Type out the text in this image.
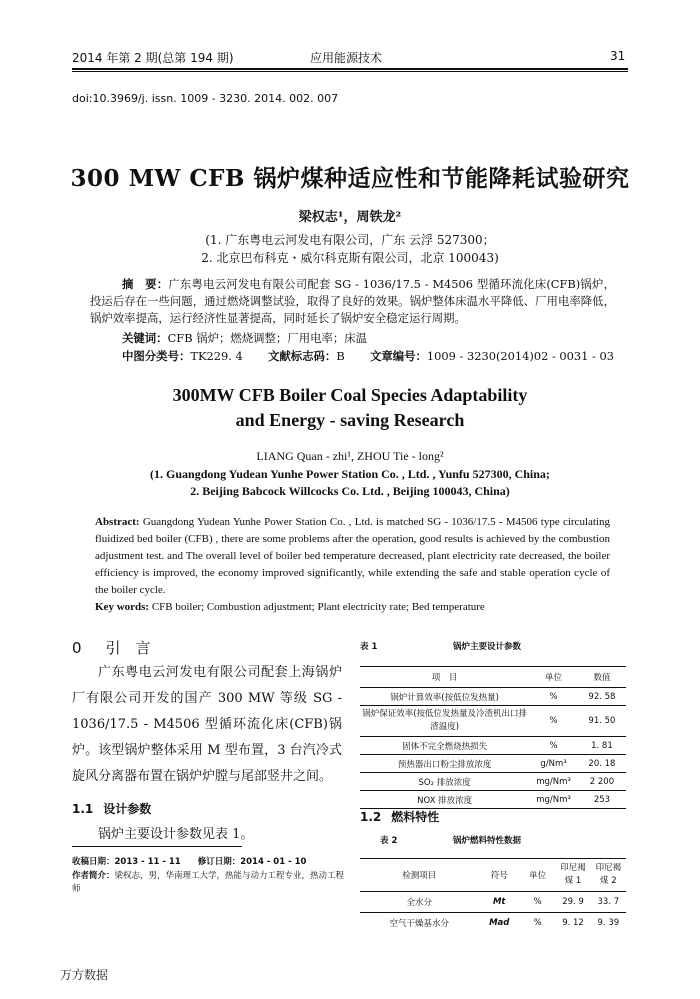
2014 年第 2 期(总第 194 期)	应用能源技术	31
doi:10.3969/j. issn. 1009 - 3230. 2014. 002. 007
300 MW CFB 锅炉煤种适应性和节能降耗试验研究
梁权志¹，周铁龙²
(1. 广东粤电云河发电有限公司，广东 云浮 527300；
2. 北京巴布科克・威尔科克斯有限公司，北京 100043)
摘　要：广东粤电云河发电有限公司配套 SG - 1036/17.5 - M4506 型循环流化床(CFB)锅炉，投运后存在一些问题，通过燃烧调整试验，取得了良好的效果。锅炉整体床温水平降低、厂用电率降低，锅炉效率提高，运行经济性显著提高，同时延长了锅炉安全稳定运行周期。
关键词：CFB 锅炉；燃烧调整；厂用电率；床温
中图分类号：TK229. 4 文献标志码：B 文章编号：1009 - 3230(2014)02 - 0031 - 03
300MW CFB Boiler Coal Species Adaptability
and Energy - saving Research
LIANG Quan - zhi¹, ZHOU Tie - long²
(1. Guangdong Yudean Yunhe Power Station Co. , Ltd. , Yunfu 527300, China;
2. Beijing Babcock Willcocks Co. Ltd. , Beijing 100043, China)
Abstract: Guangdong Yudean Yunhe Power Station Co. , Ltd. is matched SG - 1036/17.5 - M4506 type circulating fluidized bed boiler (CFB) , there are some problems after the operation, good results is achieved by the combustion adjustment test. and The overall level of boiler bed temperature decreased, plant electricity rate decreased, the boiler efficiency is improved, the economy improved significantly, while extending the safe and stable operation cycle of the boiler cycle.
Key words: CFB boiler; Combustion adjustment; Plant electricity rate; Bed temperature
0 引　言
广东粤电云河发电有限公司配套上海锅炉厂有限公司开发的国产 300 MW 等级 SG - 1036/17.5 - M4506 型循环流化床(CFB)锅炉。该型锅炉整体采用 M 型布置，3 台汽冷式旋风分离器布置在锅炉炉膛与尾部竖井之间。
1.1 设计参数
锅炉主要设计参数见表 1。
收稿日期：2013 - 11 - 11　　修订日期：2014 - 01 - 10
作者简介：梁权志，男，华南理工大学，热能与动力工程专业，热动工程师
表 1	锅炉主要设计参数
项　目	单位	数值
锅炉计算效率(按低位发热量)	%	92. 58
锅炉保证效率(按低位发热量及冷渣机出口排渣温度)	%	91. 50
固体不完全燃烧热损失	%	1. 81
预热器出口粉尘排放浓度	g/Nm³	20. 18
SO₂ 排放浓度	mg/Nm³	2 200
NOX 排放浓度	mg/Nm³	253
1.2 燃料特性
表 2	锅炉燃料特性数据
检测项目	符号	单位	印尼褐煤 1	印尼褐煤 2
全水分	Mt	%	29. 9	33. 7
空气干燥基水分	Mad	%	9. 12	9. 39
万方数据
